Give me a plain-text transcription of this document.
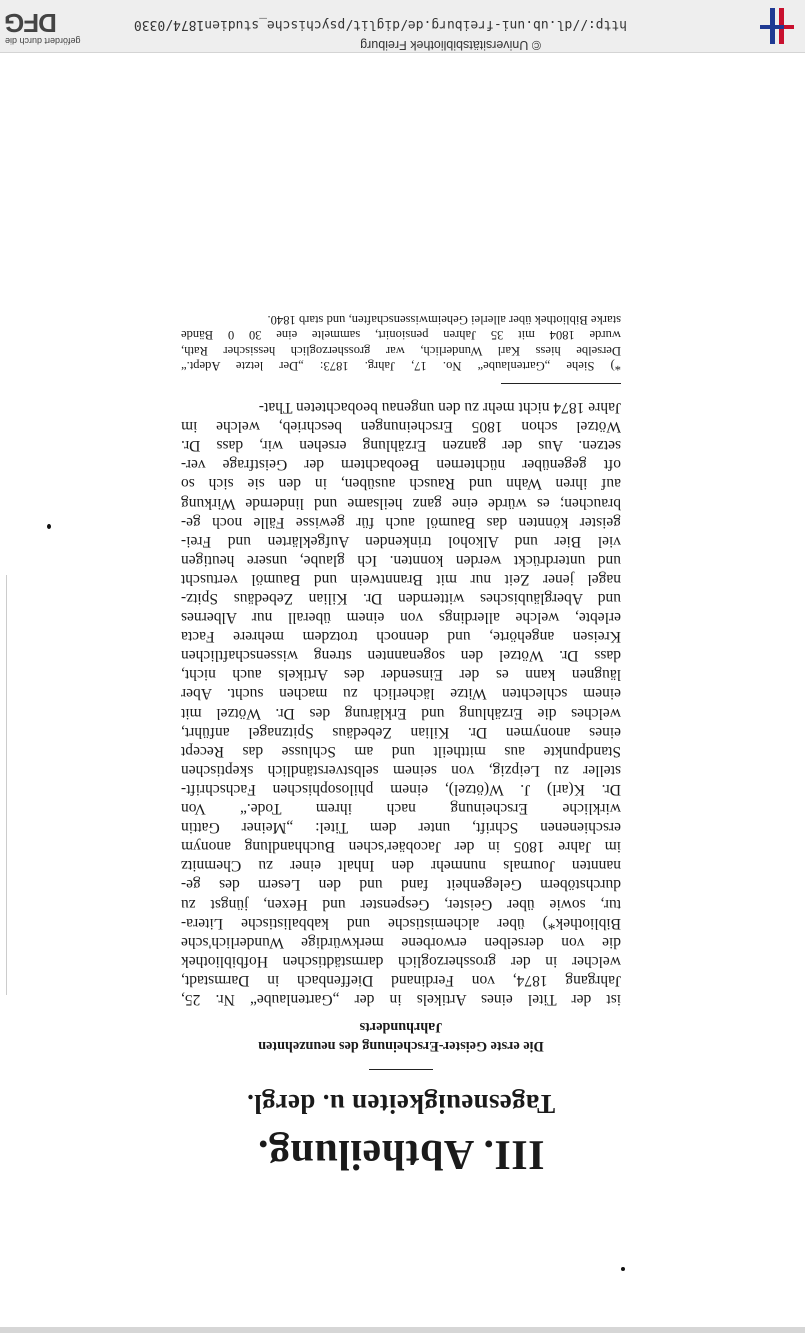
III. Abtheilung.
Tagesneuigkeiten u. dergl.
Die erste Geister-Erscheinung des neunzehnten
Jahrhunderts

ist der Titel eines Artikels in der „Gartenlaube“ Nr. 25,
Jahrgang 1874, von Ferdinand Dieffenbach in Darmstadt,
welcher in der grossherzoglich darmstädtischen Hofbibliothek
die von derselben erworbene merkwürdige Wunderlich'sche
Bibliothek*) über alchemistische und kabbalistische Litera-
tur, sowie über Geister, Gespenster und Hexen, jüngst zu
durchstöbern Gelegenheit fand und den Lesern des ge-
nannten Journals nunmehr den Inhalt einer zu Chemnitz
im Jahre 1805 in der Jacobäer'schen Buchhandlung anonym
erschienenen Schrift, unter dem Titel: „Meiner Gattin
wirkliche Erscheinung nach ihrem Tode.“ Von
Dr. K(arl) J. W(ötzel), einem philosophischen Fachschrift-
steller zu Leipzig, von seinem selbstverständlich skeptischen
Standpunkte aus mittheilt und am Schlusse das Recept
eines anonymen Dr. Kilian Zebedäus Spitznagel anführt,
welches die Erzählung und Erklärung des Dr. Wötzel mit
einem schlechten Witze lächerlich zu machen sucht. Aber
läugnen kann es der Einsender des Artikels auch nicht,
dass Dr. Wötzel den sogenannten streng wissenschaftlichen
Kreisen angehörte, und dennoch trotzdem mehrere Facta
erlebte, welche allerdings von einem überall nur Albernes
und Abergläubisches witternden Dr. Kilian Zebedäus Spitz-
nagel jener Zeit nur mit Branntwein und Baumöl vertuscht
und unterdrückt werden konnten. Ich glaube, unsere heutigen
viel Bier und Alkohol trinkenden Aufgeklärten und Frei-
geister könnten das Baumöl auch für gewisse Fälle noch ge-
brauchen; es würde eine ganz heilsame und lindernde Wirkung
auf ihren Wahn und Rausch ausüben, in den sie sich so
oft gegenüber nüchternen Beobachtern der Geistfrage ver-
setzen. Aus der ganzen Erzählung ersehen wir, dass Dr.
Wötzel schon 1805 Erscheinungen beschrieb, welche im
Jahre 1874 nicht mehr zu den ungenau beobachteten That-

*) Siehe „Gartenlaube“ No. 17, Jahrg. 1873: „Der letzte Adept.“
Derselbe hiess Karl Wunderlich, war grossherzoglich hessischer Rath,
wurde 1804 mit 35 Jahren pensionirt, sammelte eine 30 0 Bände
starke Bibliothek über allerlei Geheimwissenschaften, und starb 1840.

http://dl.ub.uni-freiburg.de/diglit/psychische_studien1874/0330
© Universitätsbibliothek Freiburg
gefördert durch die
DFG
